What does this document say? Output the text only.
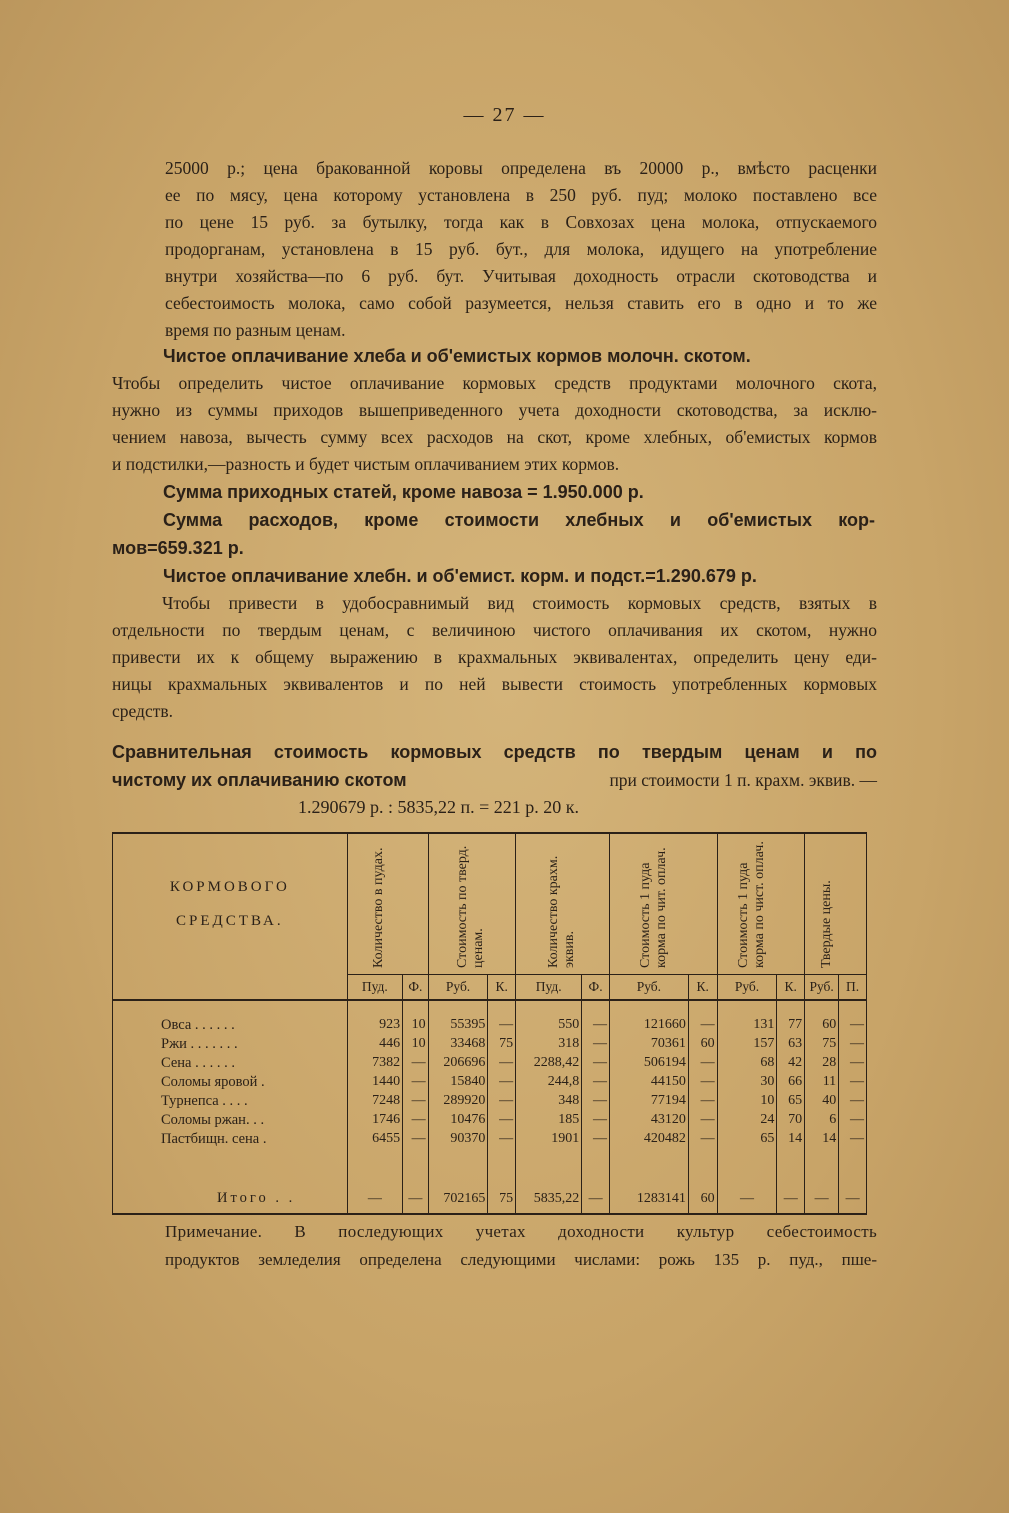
— 27 —
25000 р.; цена бракованной коровы определена въ 20000 р., вмѣсто расценки
ее по мясу, цена которому установлена в 250 руб. пуд; молоко поставлено все
по цене 15 руб. за бутылку, тогда как в Совхозах цена молока, отпускаемого
продорганам, установлена в 15 руб. бут., для молока, идущего на употребление
внутри хозяйства—по 6 руб. бут. Учитывая доходность отрасли скотоводства и
себестоимость молока, само собой разумеется, нельзя ставить его в одно и то же
время по разным ценам.
Чистое оплачивание хлеба и об'емистых кормов молочн. скотом.
Чтобы определить чистое оплачивание кормовых средств продуктами молочного скота,
нужно из суммы приходов вышеприведенного учета доходности скотоводства, за исклю-
чением навоза, вычесть сумму всех расходов на скот, кроме хлебных, об'емистых кормов
и подстилки,—разность и будет чистым оплачиванием этих кормов.
Сумма приходных статей, кроме навоза = 1.950.000 р.
Сумма расходов, кроме стоимости хлебных и об'емистых кор-
мов=659.321 р.
Чистое оплачивание хлебн. и об'емист. корм. и подст.=1.290.679 р.
Чтобы привести в удобосравнимый вид стоимость кормовых средств, взятых в
отдельности по твердым ценам, с величиною чистого оплачивания их скотом, нужно
привести их к общему выражению в крахмальных эквивалентах, определить цену еди-
ницы крахмальных эквивалентов и по ней вывести стоимость употребленных кормовых
средств.
Сравнительная стоимость кормовых средств по твердым ценам и по
чистому их оплачиванию скотом	при стоимости 1 п. крахм. эквив. —
1.290679 р. : 5835,22 п. = 221 р. 20 к.
КОРМОВОГО
СРЕДСТВА.	Количество в пудах.		Стоимость по тверд. ценам.		Количество крахм. эквив.		Стоимость 1 пуда корма по чит. оплач.		Стоимость 1 пуда корма по чист. оплач.		Твердые цены.	

	Пуд.	Ф.	Руб.	К.	Пуд.	Ф.	Руб.	К.	Руб.	К.	Руб.	П.

Овса . . . . . .	923	10	55395	—	550	—	121660	—	131	77	60	—
Ржи . . . . . . .	446	10	33468	75	318	—	70361	60	157	63	75	—
Сена . . . . . .	7382	—	206696	—	2288,42	—	506194	—	68	42	28	—
Соломы яровой .	1440	—	15840	—	244,8	—	44150	—	30	66	11	—
Турнепса . . . .	7248	—	289920	—	348	—	77194	—	10	65	40	—
Соломы ржан. . .	1746	—	10476	—	185	—	43120	—	24	70	6	—
Пастбищн. сена .	6455	—	90370	—	1901	—	420482	—	65	14	14	—

Итого . .	—	—	702165	75	5835,22	—	1283141	60	—	—	—	—
Примечание. В последующих учетах доходности культур себестоимость
продуктов земледелия определена следующими числами: рожь 135 р. пуд., пше-
